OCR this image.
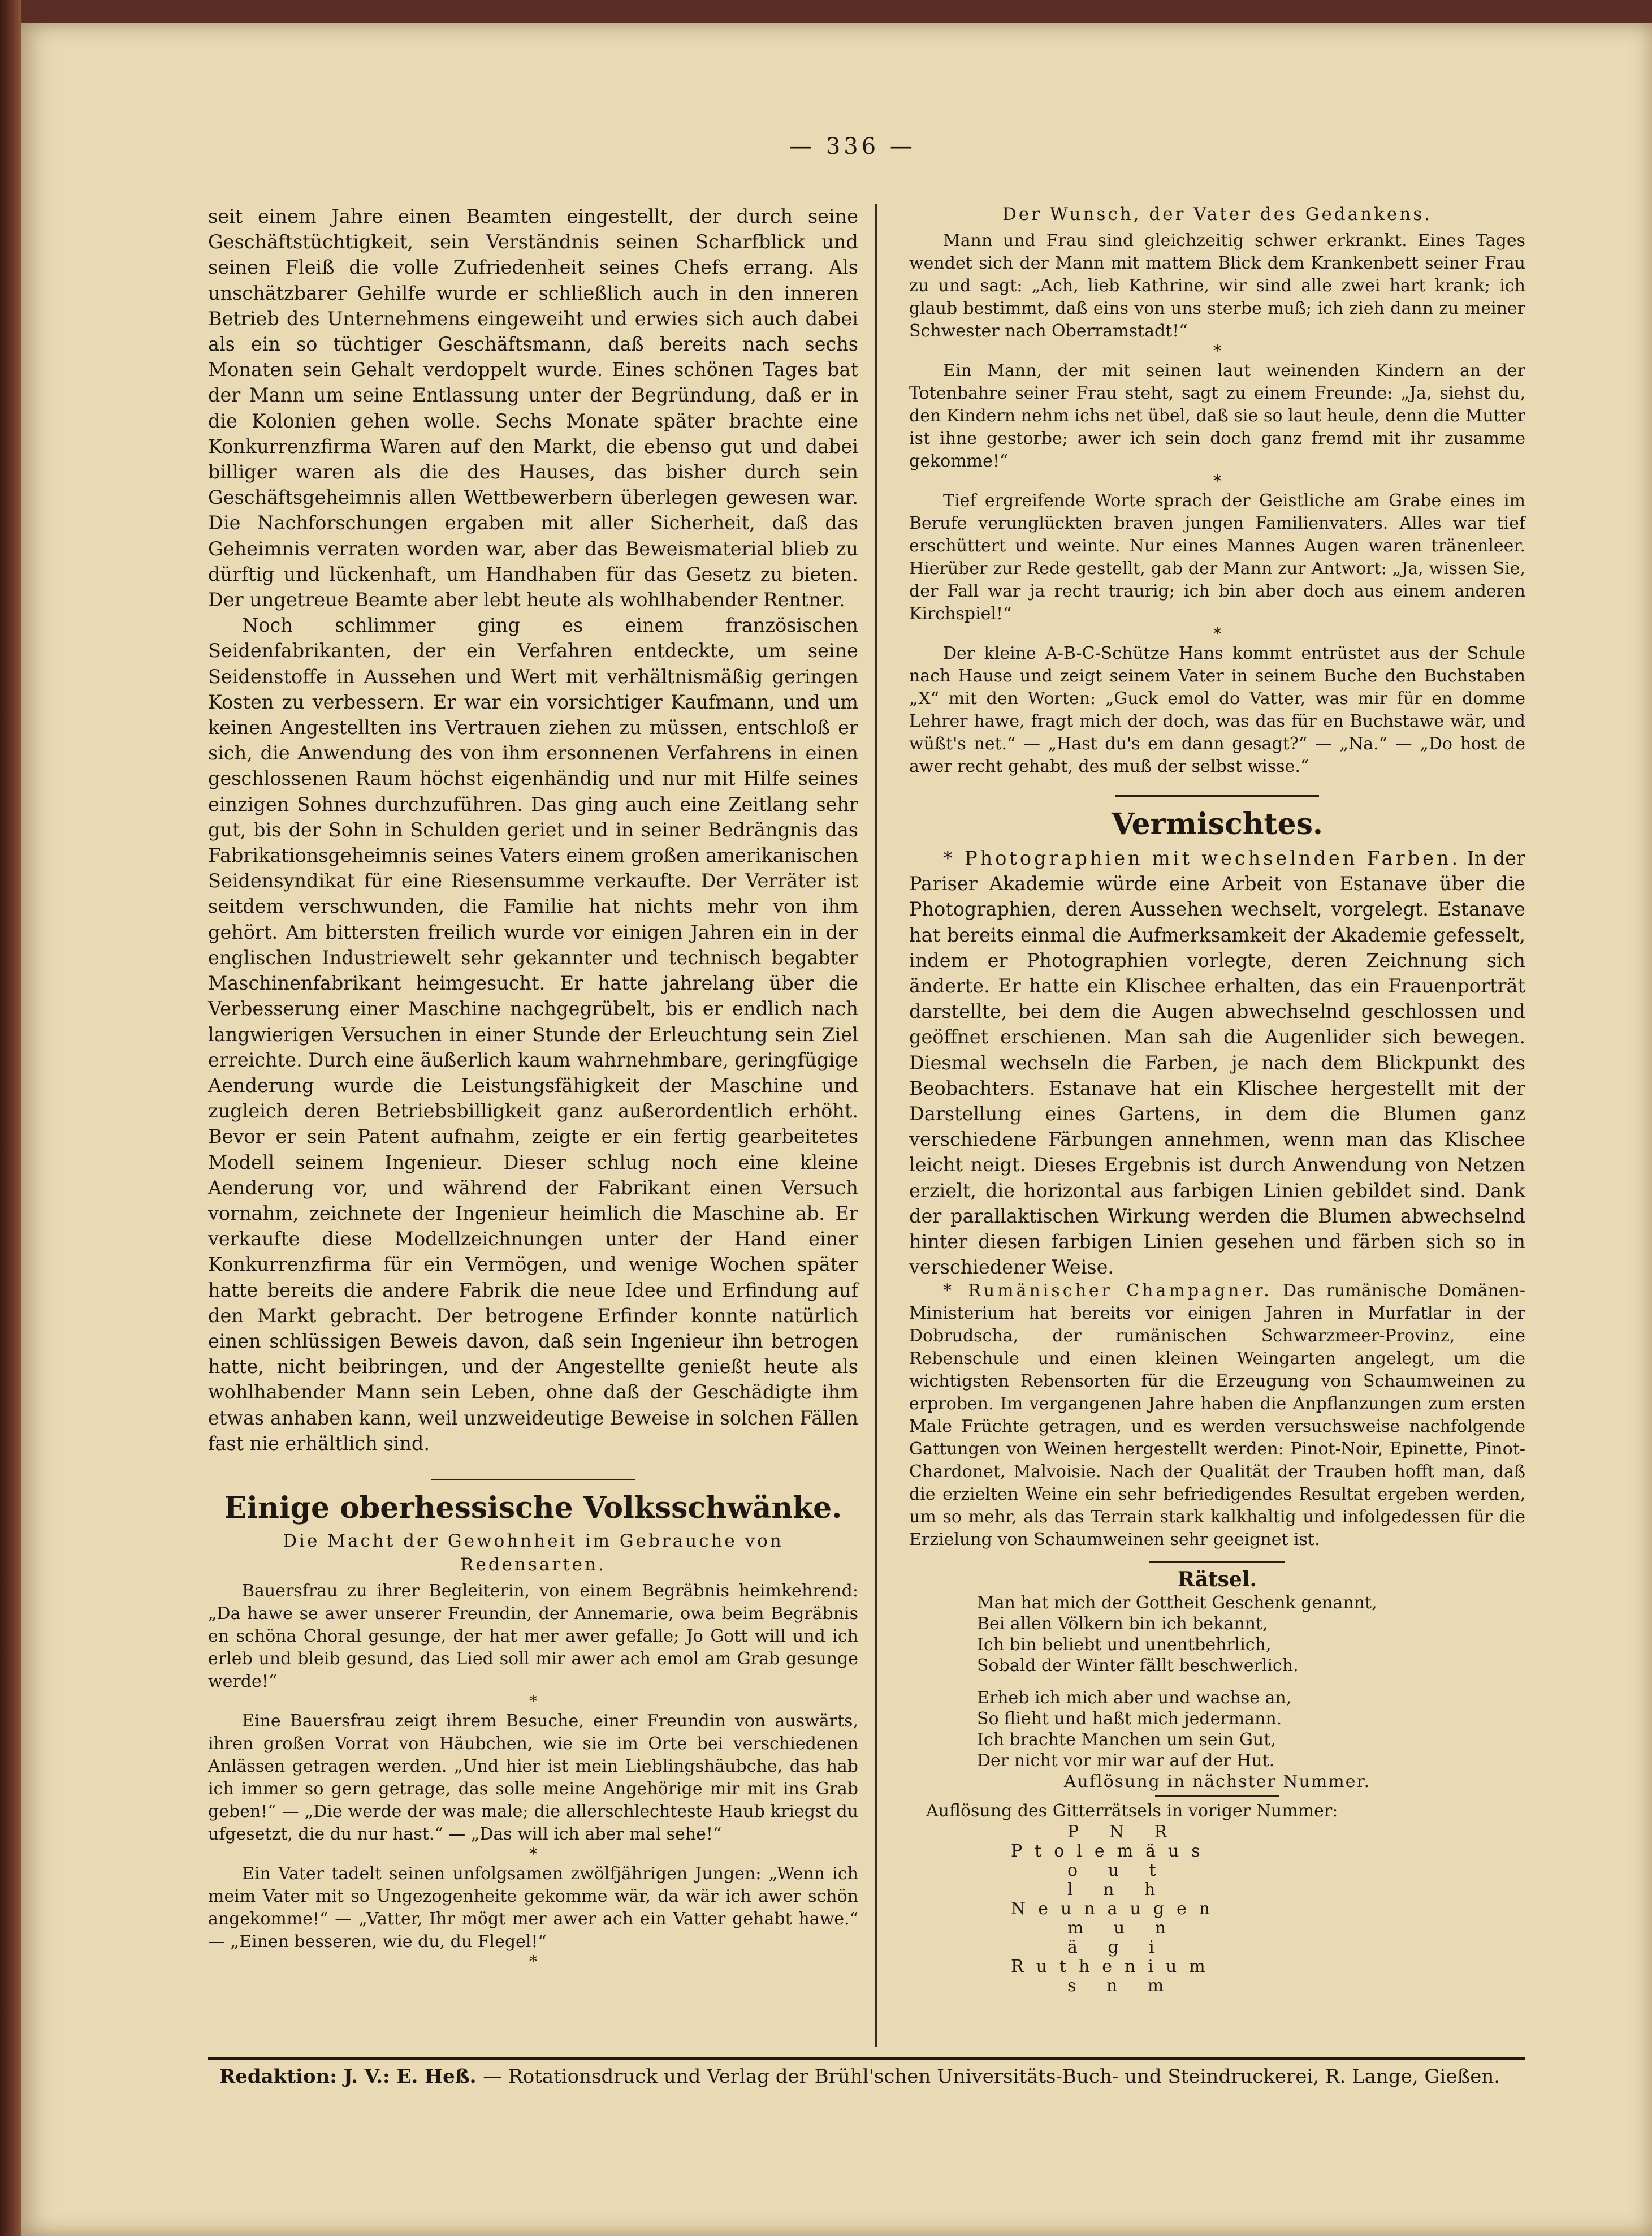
— 336 —

seit einem Jahre einen Beamten eingestellt, der durch seine Geschäftstüchtigkeit, sein Verständnis seinen Scharfblick und seinen Fleiß die volle Zufriedenheit seines Chefs errang. Als unschätzbarer Gehilfe wurde er schließlich auch in den inneren Betrieb des Unternehmens eingeweiht und erwies sich auch dabei als ein so tüchtiger Geschäftsmann, daß bereits nach sechs Monaten sein Gehalt verdoppelt wurde. Eines schönen Tages bat der Mann um seine Entlassung unter der Begründung, daß er in die Kolonien gehen wolle. Sechs Monate später brachte eine Konkurrenzfirma Waren auf den Markt, die ebenso gut und dabei billiger waren als die des Hauses, das bisher durch sein Geschäftsgeheimnis allen Wettbewerbern überlegen gewesen war. Die Nachforschungen ergaben mit aller Sicherheit, daß das Geheimnis verraten worden war, aber das Beweismaterial blieb zu dürftig und lückenhaft, um Handhaben für das Gesetz zu bieten. Der ungetreue Beamte aber lebt heute als wohlhabender Rentner.

Noch schlimmer ging es einem französischen Seidenfabrikanten, der ein Verfahren entdeckte, um seine Seidenstoffe in Aussehen und Wert mit verhältnismäßig geringen Kosten zu verbessern. Er war ein vorsichtiger Kaufmann, und um keinen Angestellten ins Vertrauen ziehen zu müssen, entschloß er sich, die Anwendung des von ihm ersonnenen Verfahrens in einen geschlossenen Raum höchst eigenhändig und nur mit Hilfe seines einzigen Sohnes durchzuführen. Das ging auch eine Zeitlang sehr gut, bis der Sohn in Schulden geriet und in seiner Bedrängnis das Fabrikationsgeheimnis seines Vaters einem großen amerikanischen Seidensyndikat für eine Riesensumme verkaufte. Der Verräter ist seitdem verschwunden, die Familie hat nichts mehr von ihm gehört. Am bittersten freilich wurde vor einigen Jahren ein in der englischen Industriewelt sehr gekannter und technisch begabter Maschinenfabrikant heimgesucht. Er hatte jahrelang über die Verbesserung einer Maschine nachgegrübelt, bis er endlich nach langwierigen Versuchen in einer Stunde der Erleuchtung sein Ziel erreichte. Durch eine äußerlich kaum wahrnehmbare, geringfügige Aenderung wurde die Leistungsfähigkeit der Maschine und zugleich deren Betriebsbilligkeit ganz außerordentlich erhöht. Bevor er sein Patent aufnahm, zeigte er ein fertig gearbeitetes Modell seinem Ingenieur. Dieser schlug noch eine kleine Aenderung vor, und während der Fabrikant einen Versuch vornahm, zeichnete der Ingenieur heimlich die Maschine ab. Er verkaufte diese Modellzeichnungen unter der Hand einer Konkurrenzfirma für ein Vermögen, und wenige Wochen später hatte bereits die andere Fabrik die neue Idee und Erfindung auf den Markt gebracht. Der betrogene Erfinder konnte natürlich einen schlüssigen Beweis davon, daß sein Ingenieur ihn betrogen hatte, nicht beibringen, und der Angestellte genießt heute als wohlhabender Mann sein Leben, ohne daß der Geschädigte ihm etwas anhaben kann, weil unzweideutige Beweise in solchen Fällen fast nie erhältlich sind.

Einige oberhessische Volksschwänke.
Die Macht der Gewohnheit im Gebrauche von Redensarten.

Bauersfrau zu ihrer Begleiterin, von einem Begräbnis heimkehrend: „Da hawe se awer unserer Freundin, der Annemarie, owa beim Begräbnis en schöna Choral gesunge, der hat mer awer gefalle; Jo Gott will und ich erleb und bleib gesund, das Lied soll mir awer ach emol am Grab gesunge werde!“

*

Eine Bauersfrau zeigt ihrem Besuche, einer Freundin von auswärts, ihren großen Vorrat von Häubchen, wie sie im Orte bei verschiedenen Anlässen getragen werden. „Und hier ist mein Lieblingshäubche, das hab ich immer so gern getrage, das solle meine Angehörige mir mit ins Grab geben!“ — „Die werde der was male; die allerschlechteste Haub kriegst du ufgesetzt, die du nur hast.“ — „Das will ich aber mal sehe!“

*

Ein Vater tadelt seinen unfolgsamen zwölfjährigen Jungen: „Wenn ich meim Vater mit so Ungezogenheite gekomme wär, da wär ich awer schön angekomme!“ — „Vatter, Ihr mögt mer awer ach ein Vatter gehabt hawe.“ — „Einen besseren, wie du, du Flegel!“

*

Der Wunsch, der Vater des Gedankens.

Mann und Frau sind gleichzeitig schwer erkrankt. Eines Tages wendet sich der Mann mit mattem Blick dem Krankenbett seiner Frau zu und sagt: „Ach, lieb Kathrine, wir sind alle zwei hart krank; ich glaub bestimmt, daß eins von uns sterbe muß; ich zieh dann zu meiner Schwester nach Oberramstadt!“

*

Ein Mann, der mit seinen laut weinenden Kindern an der Totenbahre seiner Frau steht, sagt zu einem Freunde: „Ja, siehst du, den Kindern nehm ichs net übel, daß sie so laut heule, denn die Mutter ist ihne gestorbe; awer ich sein doch ganz fremd mit ihr zusamme gekomme!“

*

Tief ergreifende Worte sprach der Geistliche am Grabe eines im Berufe verunglückten braven jungen Familienvaters. Alles war tief erschüttert und weinte. Nur eines Mannes Augen waren tränenleer. Hierüber zur Rede gestellt, gab der Mann zur Antwort: „Ja, wissen Sie, der Fall war ja recht traurig; ich bin aber doch aus einem anderen Kirchspiel!“

*

Der kleine A-B-C-Schütze Hans kommt entrüstet aus der Schule nach Hause und zeigt seinem Vater in seinem Buche den Buchstaben „X“ mit den Worten: „Guck emol do Vatter, was mir für en domme Lehrer hawe, fragt mich der doch, was das für en Buchstawe wär, und wüßt's net.“ — „Hast du's em dann gesagt?“ — „Na.“ — „Do host de awer recht gehabt, des muß der selbst wisse.“

Vermischtes.

* Photographien mit wechselnden Farben. In der Pariser Akademie würde eine Arbeit von Estanave über die Photographien, deren Aussehen wechselt, vorgelegt. Estanave hat bereits einmal die Aufmerksamkeit der Akademie gefesselt, indem er Photographien vorlegte, deren Zeichnung sich änderte. Er hatte ein Klischee erhalten, das ein Frauenporträt darstellte, bei dem die Augen abwechselnd geschlossen und geöffnet erschienen. Man sah die Augenlider sich bewegen. Diesmal wechseln die Farben, je nach dem Blickpunkt des Beobachters. Estanave hat ein Klischee hergestellt mit der Darstellung eines Gartens, in dem die Blumen ganz verschiedene Färbungen annehmen, wenn man das Klischee leicht neigt. Dieses Ergebnis ist durch Anwendung von Netzen erzielt, die horizontal aus farbigen Linien gebildet sind. Dank der parallaktischen Wirkung werden die Blumen abwechselnd hinter diesen farbigen Linien gesehen und färben sich so in verschiedener Weise.

* Rumänischer Champagner. Das rumänische Domänen-Ministerium hat bereits vor einigen Jahren in Murfatlar in der Dobrudscha, der rumänischen Schwarzmeer-Provinz, eine Rebenschule und einen kleinen Weingarten angelegt, um die wichtigsten Rebensorten für die Erzeugung von Schaumweinen zu erproben. Im vergangenen Jahre haben die Anpflanzungen zum ersten Male Früchte getragen, und es werden versuchsweise nachfolgende Gattungen von Weinen hergestellt werden: Pinot-Noir, Epinette, Pinot-Chardonet, Malvoisie. Nach der Qualität der Trauben hofft man, daß die erzielten Weine ein sehr befriedigendes Resultat ergeben werden, um so mehr, als das Terrain stark kalkhaltig und infolgedessen für die Erzielung von Schaumweinen sehr geeignet ist.

Rätsel.
Man hat mich der Gottheit Geschenk genannt,
Bei allen Völkern bin ich bekannt,
Ich bin beliebt und unentbehrlich,
Sobald der Winter fällt beschwerlich.
Erheb ich mich aber und wachse an,
So flieht und haßt mich jedermann.
Ich brachte Manchen um sein Gut,
Der nicht vor mir war auf der Hut.
Auflösung in nächster Nummer.
Auflösung des Gitterrätsels in voriger Nummer:
P N R
Ptolemäus
o u t
l n h
Neunaugen
m u n
ä g i
Ruthenium
s n m
Redaktion: J. V.: E. Heß. — Rotationsdruck und Verlag der Brühl'schen Universitäts-Buch- und Steindruckerei, R. Lange, Gießen.
